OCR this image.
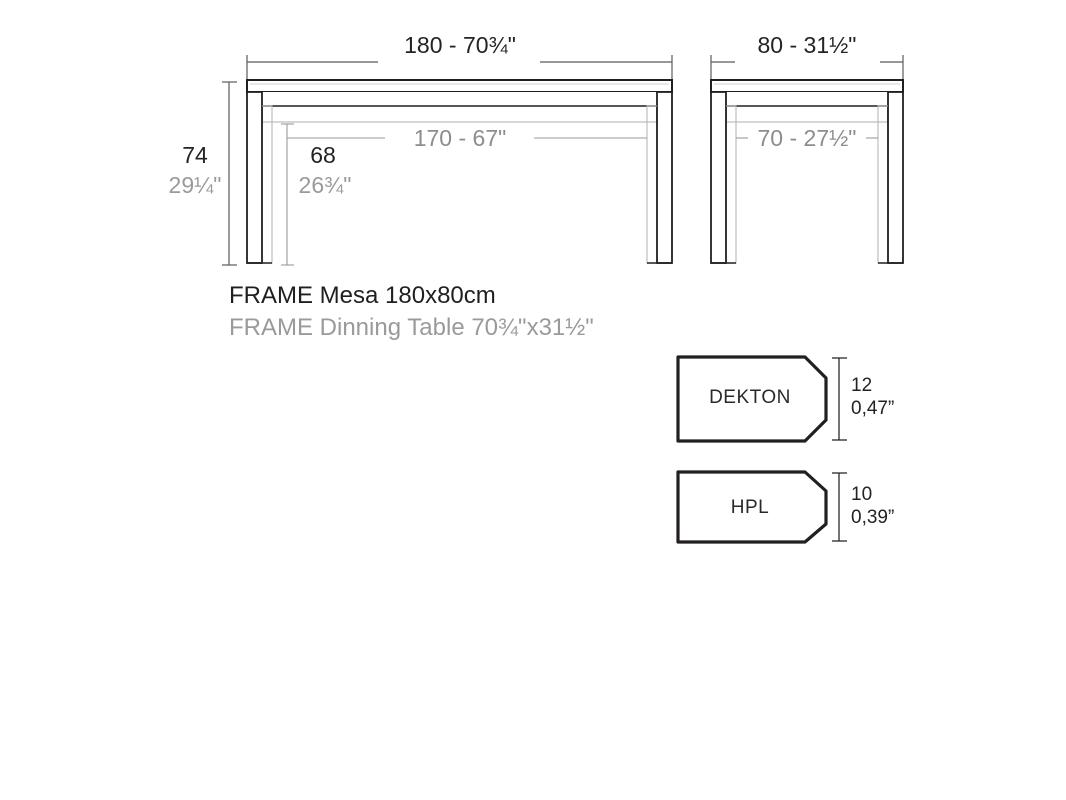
180 - 70¾"	80 - 31½"
170 - 67"	70 - 27½"
74
29¼"
68
26¾"
FRAME Mesa 180x80cm
FRAME Dinning Table 70¾"x31½"
DEKTON
12
0,47”
HPL
10
0,39”
